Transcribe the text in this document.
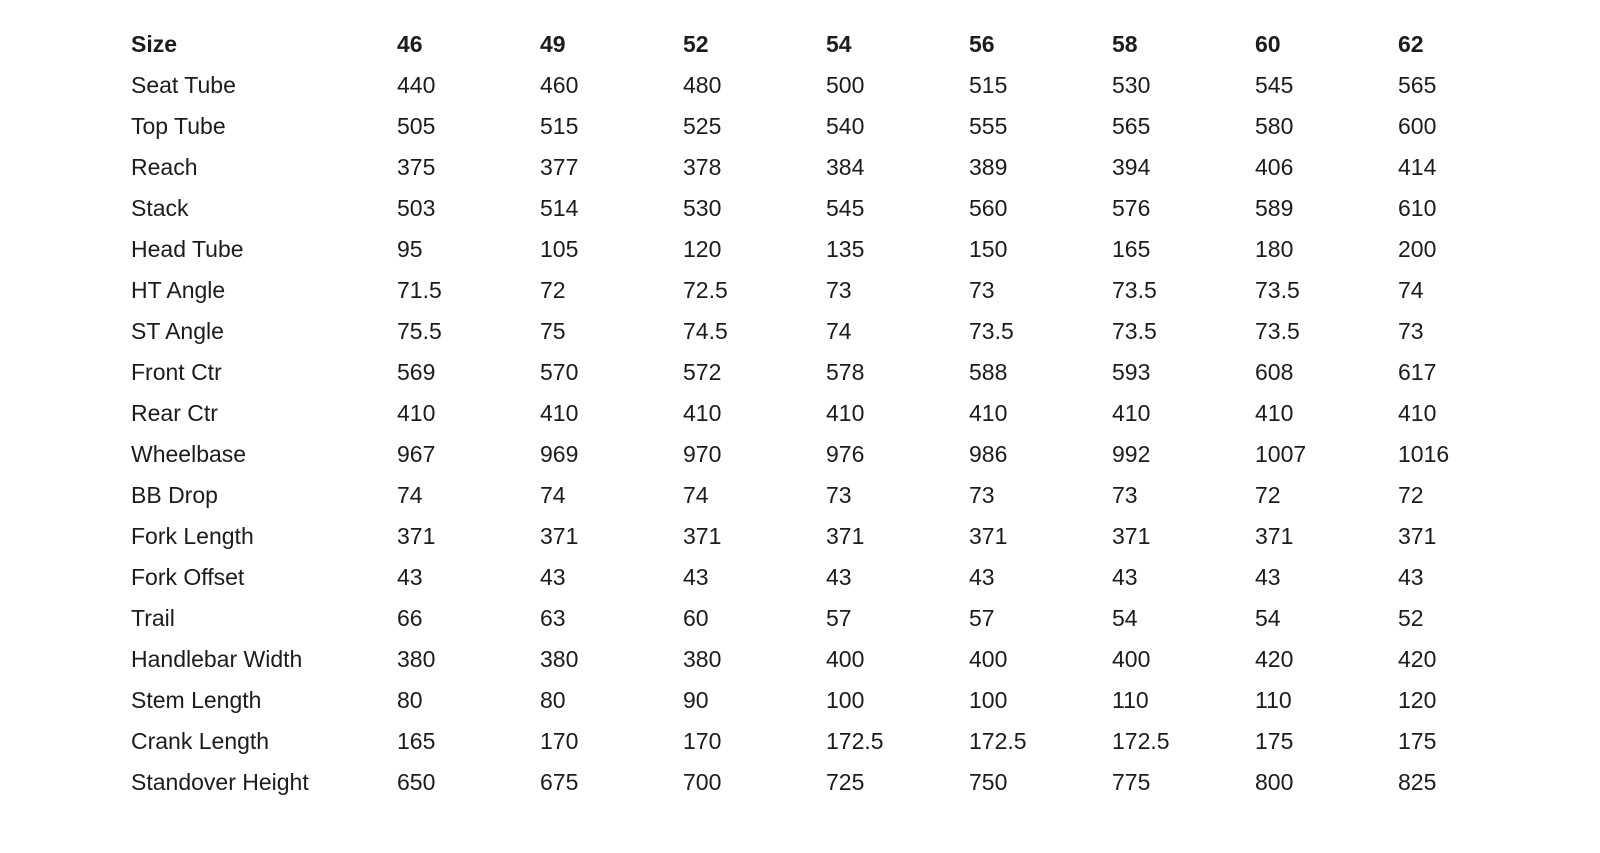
Size	46	49	52	54	56	58	60	62
Seat Tube	440	460	480	500	515	530	545	565
Top Tube	505	515	525	540	555	565	580	600
Reach	375	377	378	384	389	394	406	414
Stack	503	514	530	545	560	576	589	610
Head Tube	95	105	120	135	150	165	180	200
HT Angle	71.5	72	72.5	73	73	73.5	73.5	74
ST Angle	75.5	75	74.5	74	73.5	73.5	73.5	73
Front Ctr	569	570	572	578	588	593	608	617
Rear Ctr	410	410	410	410	410	410	410	410
Wheelbase	967	969	970	976	986	992	1007	1016
BB Drop	74	74	74	73	73	73	72	72
Fork Length	371	371	371	371	371	371	371	371
Fork Offset	43	43	43	43	43	43	43	43
Trail	66	63	60	57	57	54	54	52
Handlebar Width	380	380	380	400	400	400	420	420
Stem Length	80	80	90	100	100	110	110	120
Crank Length	165	170	170	172.5	172.5	172.5	175	175
Standover Height	650	675	700	725	750	775	800	825
